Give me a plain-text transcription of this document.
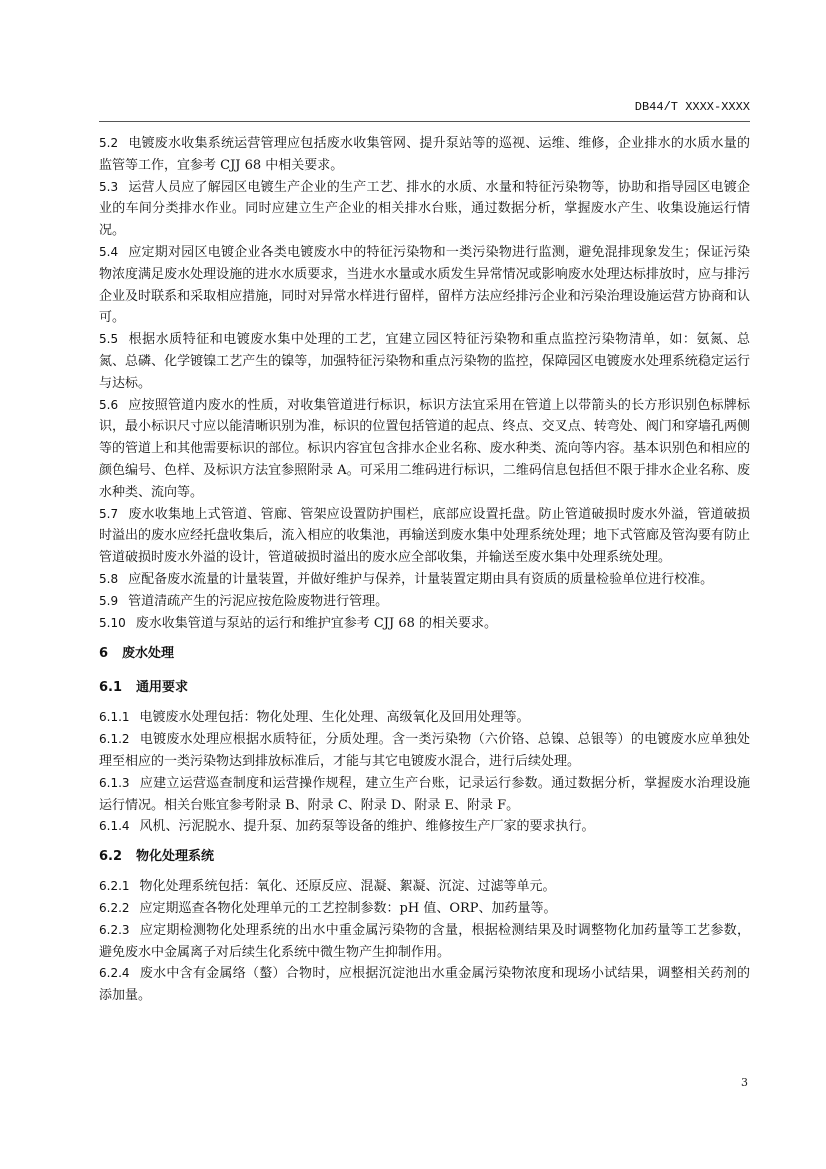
DB44/T XXXX-XXXX

5.2 电镀废水收集系统运营管理应包括废水收集管网、提升泵站等的巡视、运维、维修，企业排水的水质水量的监管等工作，宜参考 CJJ 68 中相关要求。

5.3 运营人员应了解园区电镀生产企业的生产工艺、排水的水质、水量和特征污染物等，协助和指导园区电镀企业的车间分类排水作业。同时应建立生产企业的相关排水台账，通过数据分析，掌握废水产生、收集设施运行情况。

5.4 应定期对园区电镀企业各类电镀废水中的特征污染物和一类污染物进行监测，避免混排现象发生；保证污染物浓度满足废水处理设施的进水水质要求，当进水水量或水质发生异常情况或影响废水处理达标排放时，应与排污企业及时联系和采取相应措施，同时对异常水样进行留样，留样方法应经排污企业和污染治理设施运营方协商和认可。

5.5 根据水质特征和电镀废水集中处理的工艺，宜建立园区特征污染物和重点监控污染物清单，如：氨氮、总氮、总磷、化学镀镍工艺产生的镍等，加强特征污染物和重点污染物的监控，保障园区电镀废水处理系统稳定运行与达标。

5.6 应按照管道内废水的性质，对收集管道进行标识，标识方法宜采用在管道上以带箭头的长方形识别色标牌标识，最小标识尺寸应以能清晰识别为准，标识的位置包括管道的起点、终点、交叉点、转弯处、阀门和穿墙孔两侧等的管道上和其他需要标识的部位。标识内容宜包含排水企业名称、废水种类、流向等内容。基本识别色和相应的颜色编号、色样、及标识方法宜参照附录 A。可采用二维码进行标识，二维码信息包括但不限于排水企业名称、废水种类、流向等。

5.7 废水收集地上式管道、管廊、管架应设置防护围栏，底部应设置托盘。防止管道破损时废水外溢，管道破损时溢出的废水应经托盘收集后，流入相应的收集池，再输送到废水集中处理系统处理；地下式管廊及管沟要有防止管道破损时废水外溢的设计，管道破损时溢出的废水应全部收集，并输送至废水集中处理系统处理。

5.8 应配备废水流量的计量装置，并做好维护与保养，计量装置定期由具有资质的质量检验单位进行校准。

5.9 管道清疏产生的污泥应按危险废物进行管理。

5.10 废水收集管道与泵站的运行和维护宜参考 CJJ 68 的相关要求。

6 废水处理
6.1 通用要求

6.1.1 电镀废水处理包括：物化处理、生化处理、高级氧化及回用处理等。

6.1.2 电镀废水处理应根据水质特征，分质处理。含一类污染物（六价铬、总镍、总银等）的电镀废水应单独处理至相应的一类污染物达到排放标准后，才能与其它电镀废水混合，进行后续处理。

6.1.3 应建立运营巡查制度和运营操作规程，建立生产台账，记录运行参数。通过数据分析，掌握废水治理设施运行情况。相关台账宜参考附录 B、附录 C、附录 D、附录 E、附录 F。

6.1.4 风机、污泥脱水、提升泵、加药泵等设备的维护、维修按生产厂家的要求执行。

6.2 物化处理系统

6.2.1 物化处理系统包括：氧化、还原反应、混凝、絮凝、沉淀、过滤等单元。

6.2.2 应定期巡查各物化处理单元的工艺控制参数：pH 值、ORP、加药量等。

6.2.3 应定期检测物化处理系统的出水中重金属污染物的含量，根据检测结果及时调整物化加药量等工艺参数，避免废水中金属离子对后续生化系统中微生物产生抑制作用。

6.2.4 废水中含有金属络（螯）合物时，应根据沉淀池出水重金属污染物浓度和现场小试结果，调整相关药剂的添加量。

3
